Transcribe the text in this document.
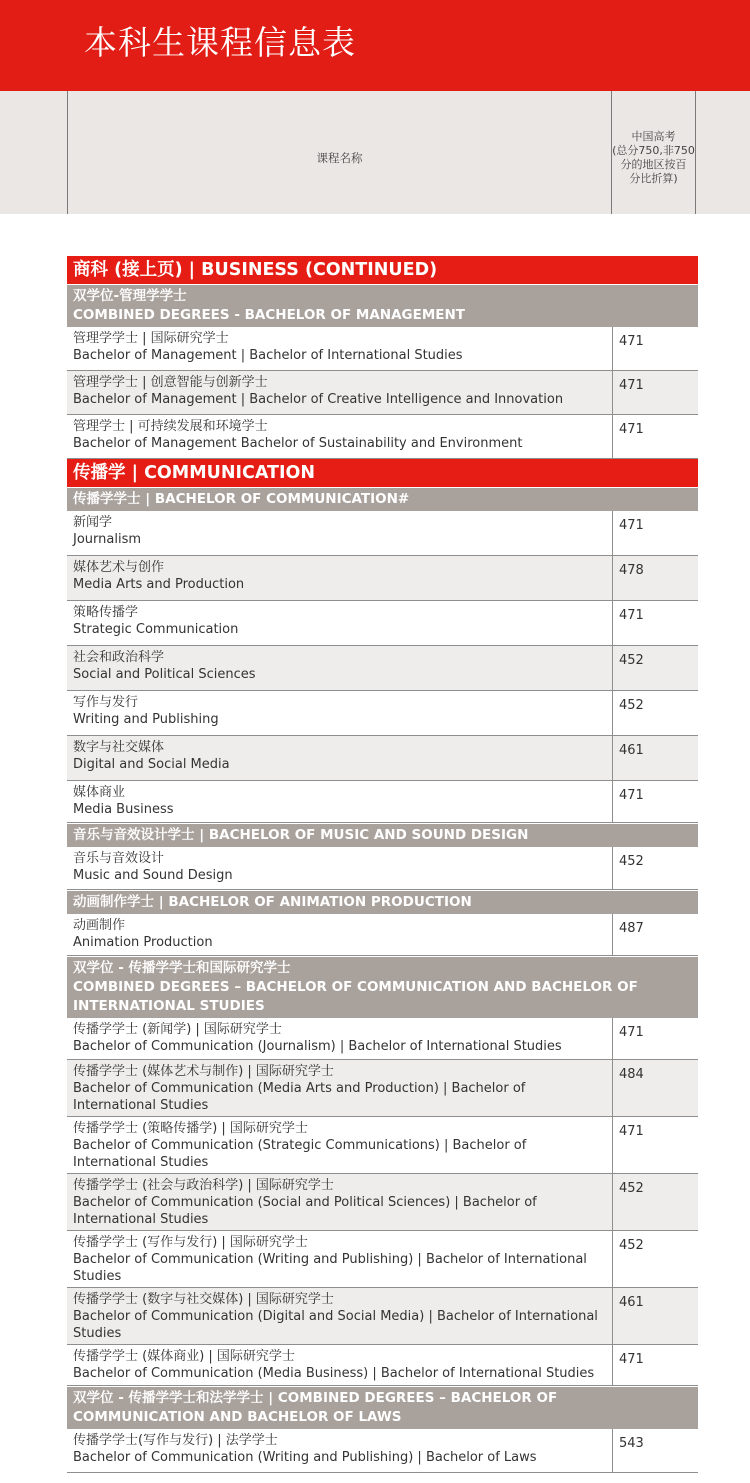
本科生课程信息表
课程名称
中国高考
(总分750,非750
分的地区按百
分比折算)
商科 (接上页) | BUSINESS (CONTINUED)
双学位-管理学学士
COMBINED DEGREES - BACHELOR OF MANAGEMENT
管理学学士 | 国际研究学士
Bachelor of Management | Bachelor of International Studies
471
管理学学士 | 创意智能与创新学士
Bachelor of Management | Bachelor of Creative Intelligence and Innovation
471
管理学士 | 可持续发展和环境学士
Bachelor of Management Bachelor of Sustainability and Environment
471
传播学 | COMMUNICATION
传播学学士 | BACHELOR OF COMMUNICATION#
新闻学
Journalism
471
媒体艺术与创作
Media Arts and Production
478
策略传播学
Strategic Communication
471
社会和政治科学
Social and Political Sciences
452
写作与发行
Writing and Publishing
452
数字与社交媒体
Digital and Social Media
461
媒体商业
Media Business
471
音乐与音效设计学士 | BACHELOR OF MUSIC AND SOUND DESIGN
音乐与音效设计
Music and Sound Design
452
动画制作学士 | BACHELOR OF ANIMATION PRODUCTION
动画制作
Animation Production
487
双学位 - 传播学学士和国际研究学士
COMBINED DEGREES – BACHELOR OF COMMUNICATION AND BACHELOR OF
INTERNATIONAL STUDIES
传播学学士 (新闻学) | 国际研究学士
Bachelor of Communication (Journalism) | Bachelor of International Studies
471
传播学学士 (媒体艺术与制作) | 国际研究学士
Bachelor of Communication (Media Arts and Production) | Bachelor of International Studies
484
传播学学士 (策略传播学) | 国际研究学士
Bachelor of Communication (Strategic Communications) | Bachelor of International Studies
471
传播学学士 (社会与政治科学) | 国际研究学士
Bachelor of Communication (Social and Political Sciences) | Bachelor of International Studies
452
传播学学士 (写作与发行) | 国际研究学士
Bachelor of Communication (Writing and Publishing) | Bachelor of International Studies
452
传播学学士 (数字与社交媒体) | 国际研究学士
Bachelor of Communication (Digital and Social Media) | Bachelor of International Studies
461
传播学学士 (媒体商业) | 国际研究学士
Bachelor of Communication (Media Business) | Bachelor of International Studies
471
双学位 - 传播学学士和法学学士 | COMBINED DEGREES – BACHELOR OF
COMMUNICATION AND BACHELOR OF LAWS
传播学学士(写作与发行) | 法学学士
Bachelor of Communication (Writing and Publishing) | Bachelor of Laws
543
